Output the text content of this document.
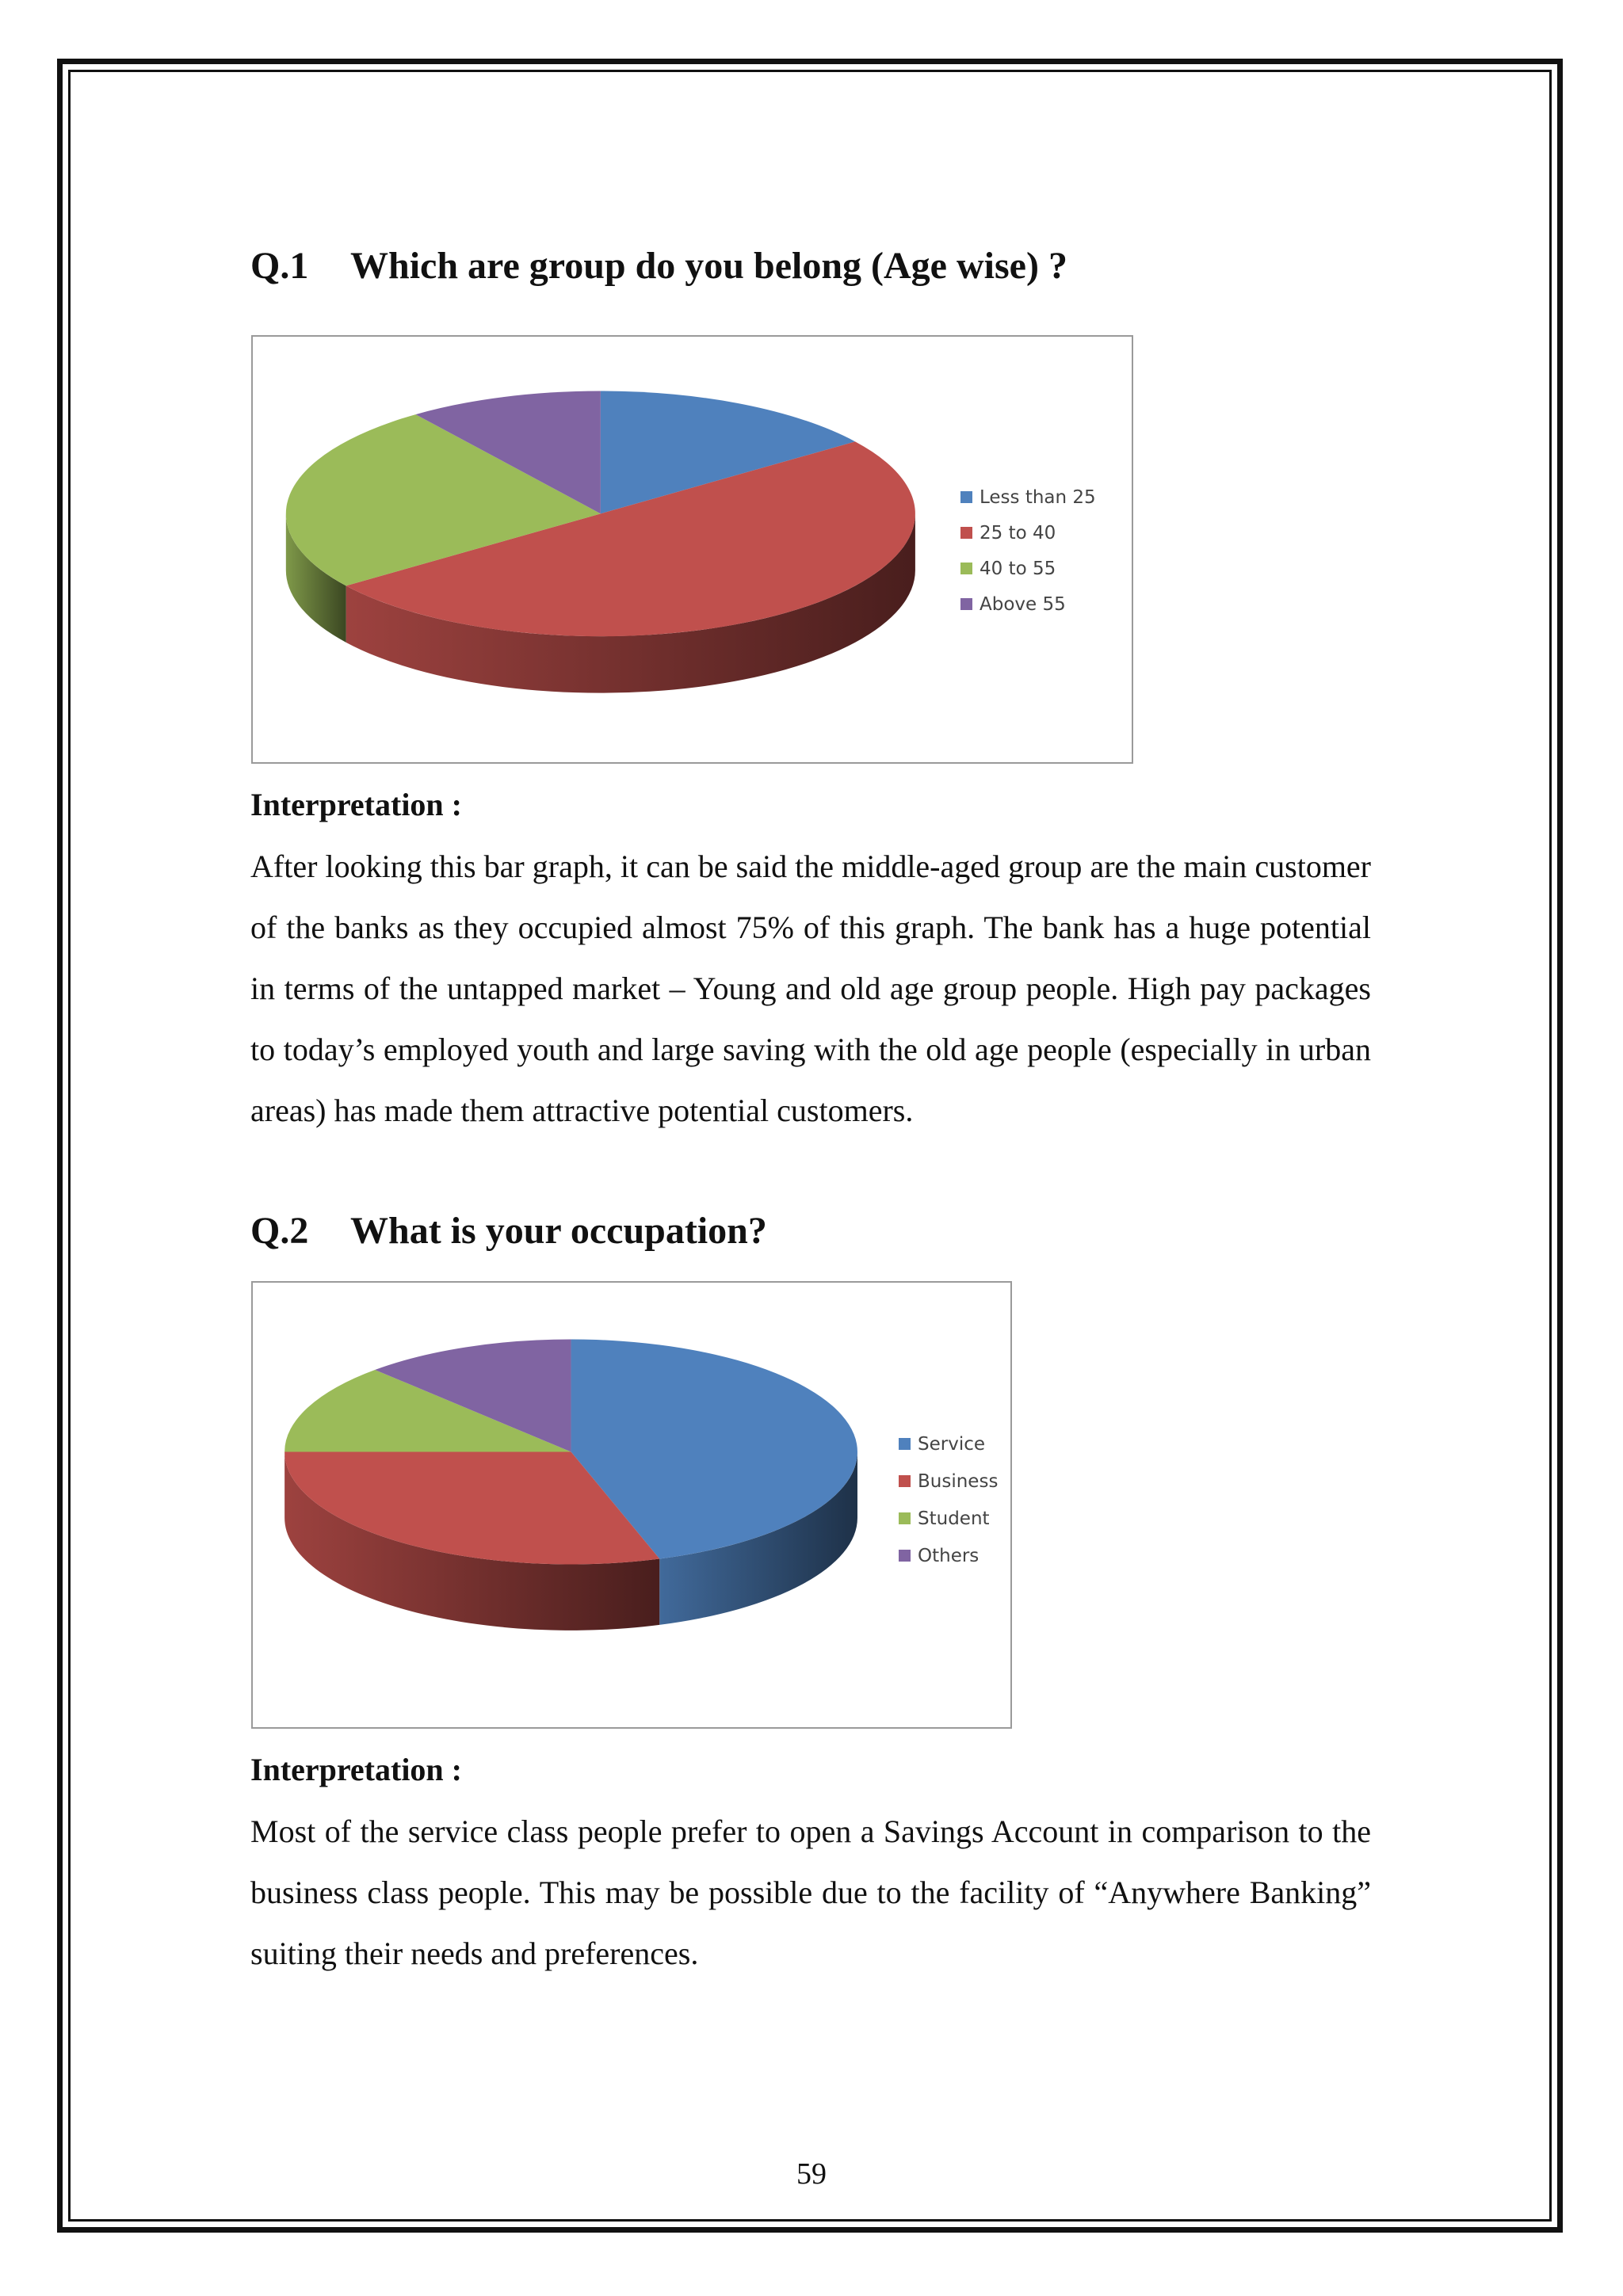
Q.1 Which are group do you belong (Age wise) ?
Less than 25
25 to 40
40 to 55
Above 55
Interpretation :

After looking this bar graph, it can be said the middle-aged group are the main customer of the banks as they occupied almost 75% of this graph. The bank has a huge potential in terms of the untapped market – Young and old age group people. High pay packages to today’s employed youth and large saving with the old age people (especially in urban areas) has made them attractive potential customers.

Q.2 What is your occupation?
Service
Business
Student
Others
Interpretation :

Most of the service class people prefer to open a Savings Account in comparison to the business class people. This may be possible due to the facility of “Anywhere Banking” suiting their needs and preferences.

59
